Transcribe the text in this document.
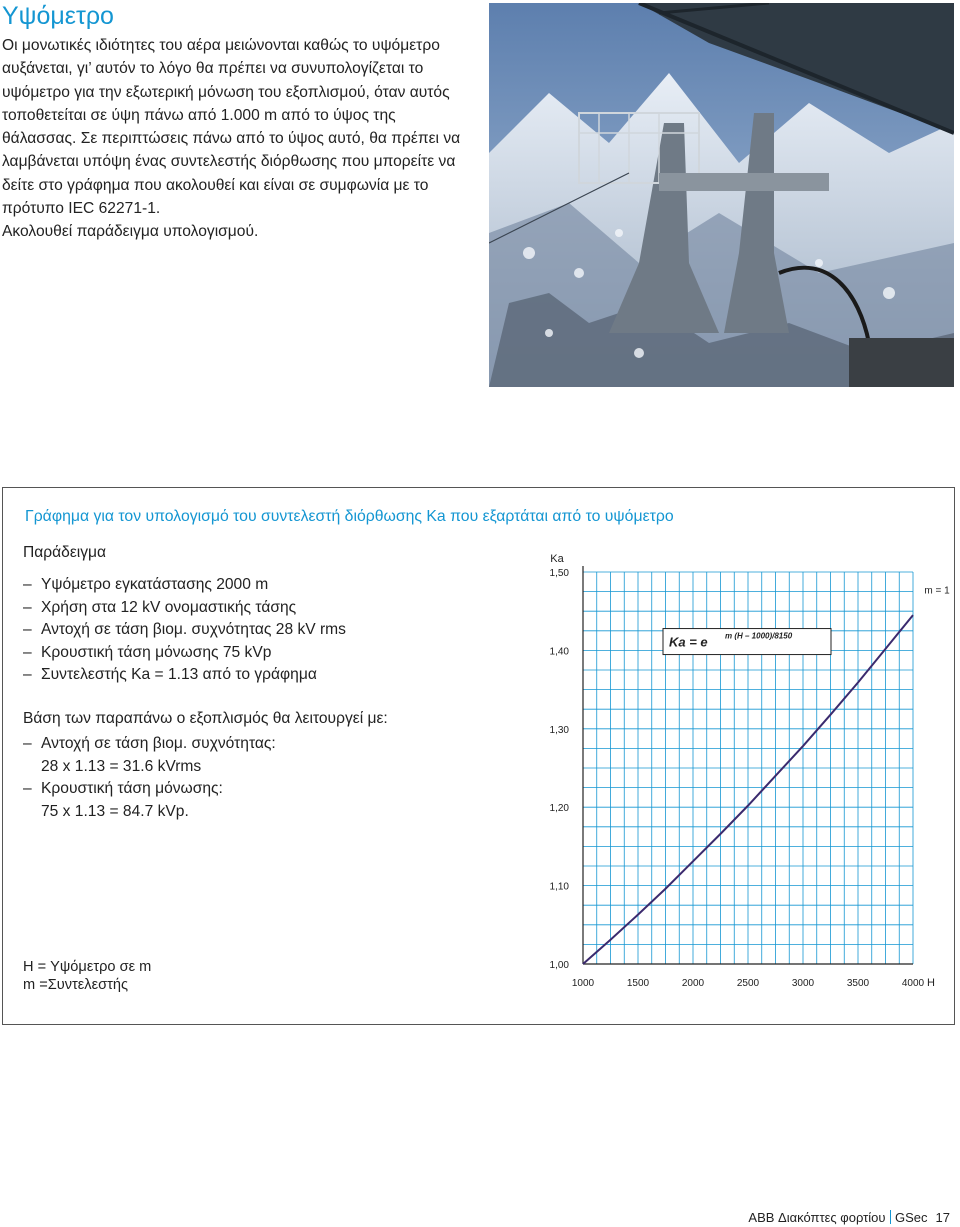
Υψόμετρο
Οι μονωτικές ιδιότητες του αέρα μειώνονται καθώς το υψόμετρο αυξάνεται, γι’ αυτόν το λόγο θα πρέπει να συνυπολογίζεται το υψόμετρο για την εξωτερική μόνωση του εξοπλισμού, όταν αυτός τοποθετείται σε ύψη πάνω από 1.000 m από το ύψος της θάλασσας. Σε περιπτώσεις πάνω από το ύψος αυτό, θα πρέπει να λαμβάνεται υπόψη ένας συντελεστής διόρθωσης που μπορείτε να δείτε στο γράφημα που ακολουθεί και είναι σε συμφωνία με το πρότυπο IEC 62271-1.
Ακολουθεί παράδειγμα υπολογισμού.
Γράφημα για τον υπολογισμό του συντελεστή διόρθωσης Ka που εξαρτάται από το υψόμετρο
Παράδειγμα
– Υψόμετρο εγκατάστασης 2000 m
– Χρήση στα 12 kV ονομαστικής τάσης
– Αντοχή σε τάση βιομ. συχνότητας 28 kV rms
– Κρουστική τάση μόνωσης 75 kVp
– Συντελεστής Ka = 1.13 από το γράφημα
Βάση των παραπάνω ο εξοπλισμός θα λειτουργεί με:
– Αντοχή σε τάση βιομ. συχνότητας:
28 x 1.13 = 31.6 kVrms
– Κρουστική τάση μόνωσης:
75 x 1.13 = 84.7 kVp.
H = Υψόμετρο σε m
m =Συντελεστής	1000	1500	2000	2500	3000	3500	4000
1,00
1,10
1,20
1,30
1,40
1,50
Ka
H
m = 1
Ka = e m (H – 1000)/8150
ABB Διακόπτες φορτίου GSec 17
